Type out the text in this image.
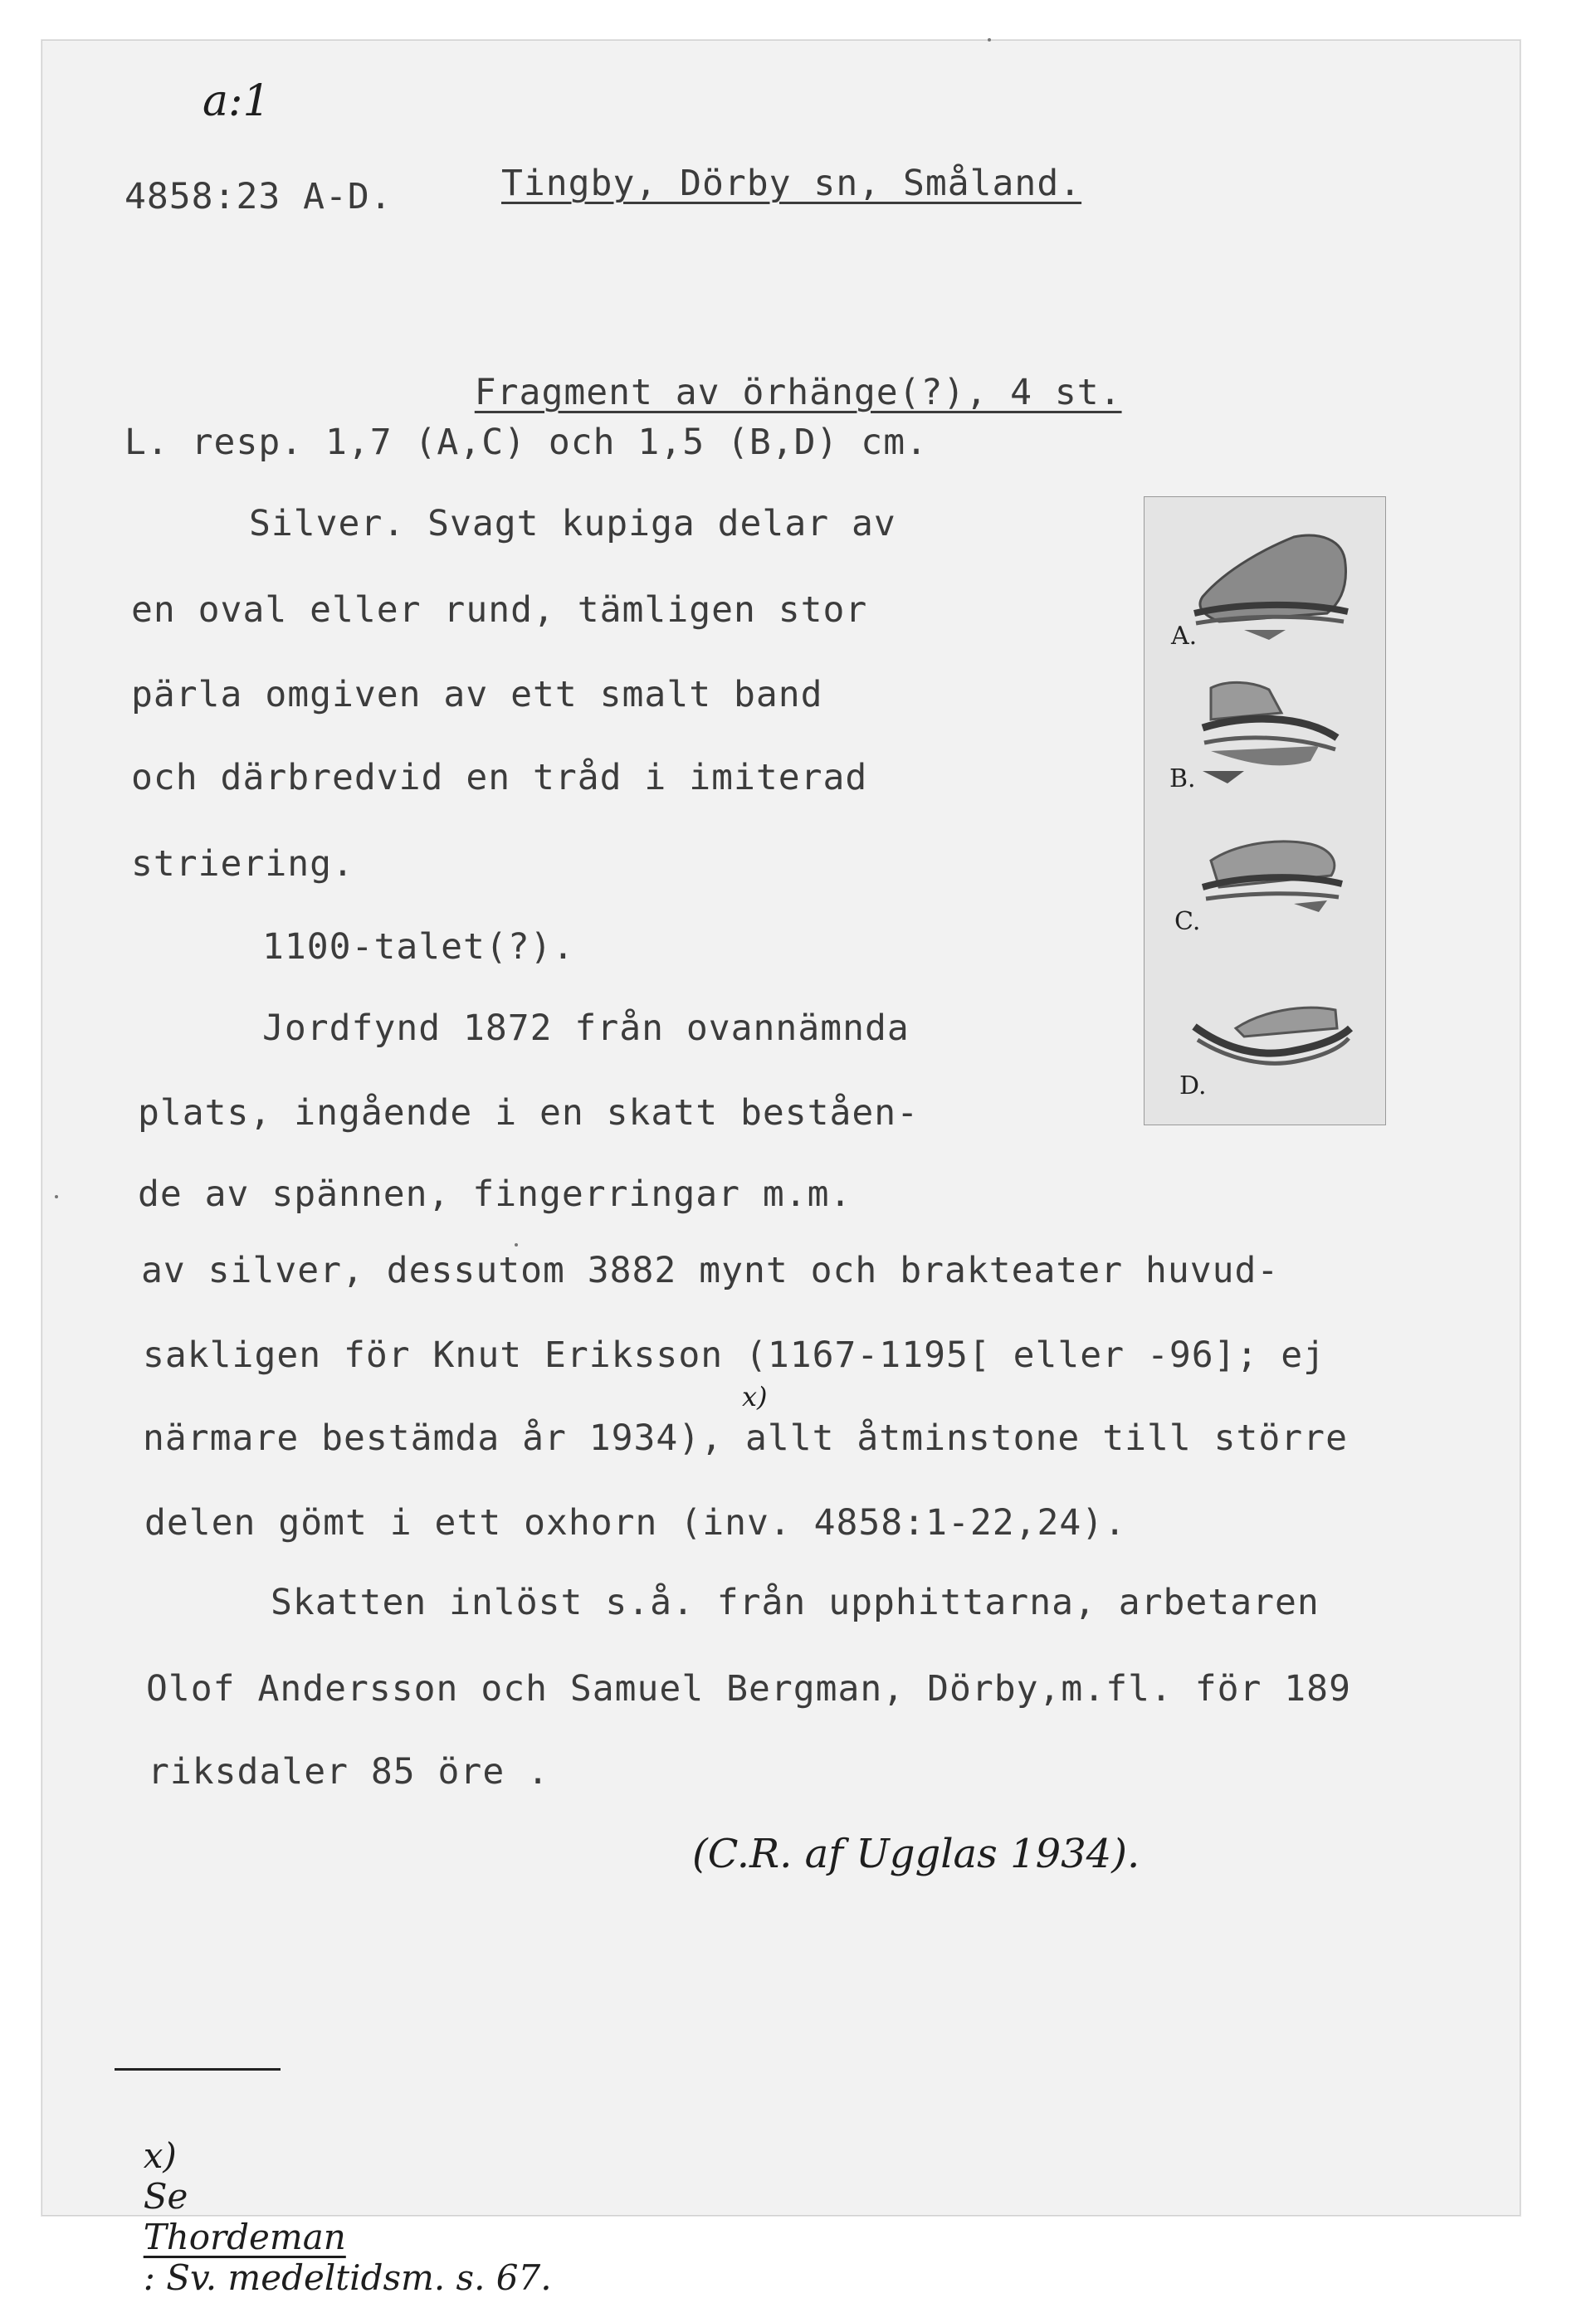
a:1
4858:23 A-D.	Tingby, Dörby sn, Småland.

Fragment av örhänge(?), 4 st.

L. resp. 1,7 (A,C) och 1,5 (B,D) cm.
Silver. Svagt kupiga delar av
en oval eller rund, tämligen stor
pärla omgiven av ett smalt band
och därbredvid en tråd i imiterad
striering.
1100-talet(?).
Jordfynd 1872 från ovannämnda
plats, ingående i en skatt beståen-
de av spännen, fingerringar m.m.
av silver, dessutom 3882 mynt och brakteater huvud-
sakligen för Knut Eriksson (1167-1195[ eller -96]; ej
x)
närmare bestämda år 1934), allt åtminstone till större
delen gömt i ett oxhorn (inv. 4858:1-22,24).
Skatten inlöst s.å. från upphittarna, arbetaren
Olof Andersson och Samuel Bergman, Dörby,m.fl. för 189
riksdaler 85 öre .
(C.R. af Ugglas 1934).
A.
B.
C.
D.

x)
Se
Thordeman
: Sv. medeltidsm. s. 67.
